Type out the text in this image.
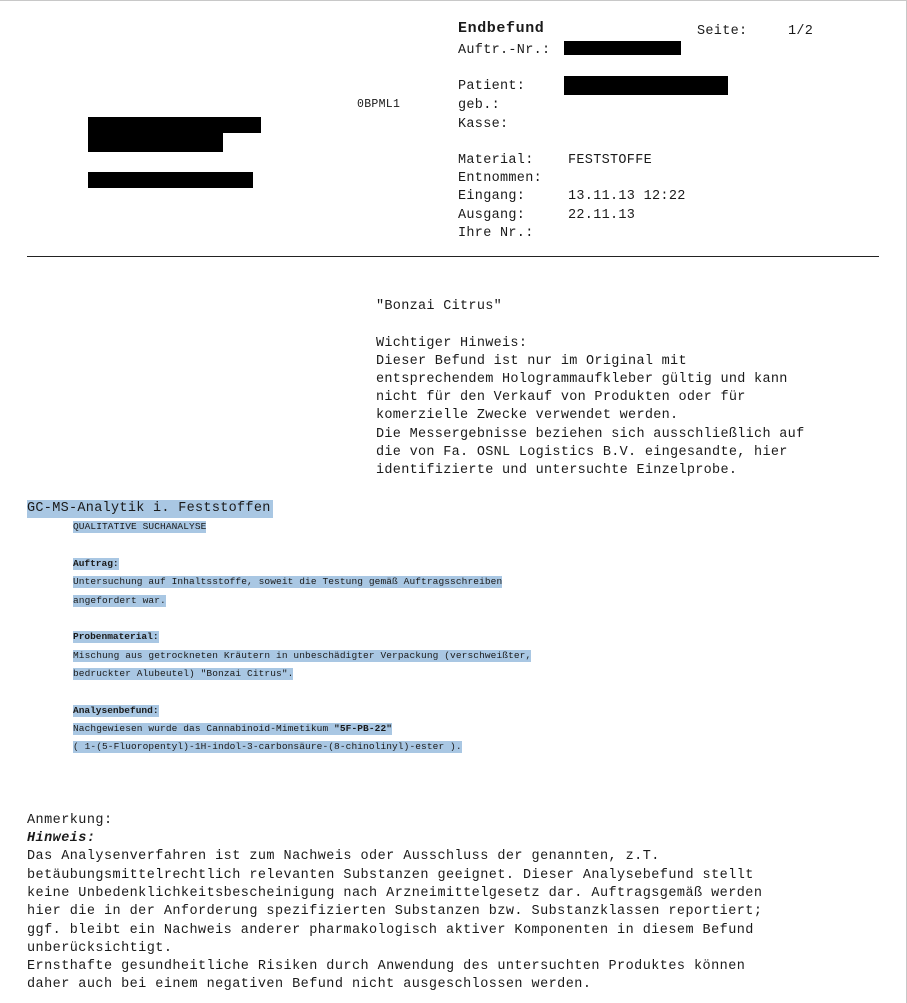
Endbefund	Seite:	1/2
Auftr.-Nr.:
Patient:
0BPML1	geb.:
Kasse:
Material:	FESTSTOFFE
Entnommen:
Eingang:	13.11.13 12:22
Ausgang:	22.11.13
Ihre Nr.:
"Bonzai Citrus"
Wichtiger Hinweis:
Dieser Befund ist nur im Original mit
entsprechendem Hologrammaufkleber gültig und kann
nicht für den Verkauf von Produkten oder für
komerzielle Zwecke verwendet werden.
Die Messergebnisse beziehen sich ausschließlich auf
die von Fa. OSNL Logistics B.V. eingesandte, hier
identifizierte und untersuchte Einzelprobe.
GC-MS-Analytik i. Feststoffen
QUALITATIVE SUCHANALYSE
Auftrag:
Untersuchung auf Inhaltsstoffe, soweit die Testung gemäß Auftragsschreiben
angefordert war.
Probenmaterial:
Mischung aus getrockneten Kräutern in unbeschädigter Verpackung (verschweißter,
bedruckter Alubeutel) "Bonzai Citrus".
Analysenbefund:
Nachgewiesen wurde das Cannabinoid-Mimetikum "5F-PB-22"
( 1-(5-Fluoropentyl)-1H-indol-3-carbonsäure-(8-chinolinyl)-ester ).
Anmerkung:
Hinweis:
Das Analysenverfahren ist zum Nachweis oder Ausschluss der genannten, z.T.
betäubungsmittelrechtlich relevanten Substanzen geeignet. Dieser Analysebefund stellt
keine Unbedenklichkeitsbescheinigung nach Arzneimittelgesetz dar. Auftragsgemäß werden
hier die in der Anforderung spezifizierten Substanzen bzw. Substanzklassen reportiert;
ggf. bleibt ein Nachweis anderer pharmakologisch aktiver Komponenten in diesem Befund
unberücksichtigt.
Ernsthafte gesundheitliche Risiken durch Anwendung des untersuchten Produktes können
daher auch bei einem negativen Befund nicht ausgeschlossen werden.
